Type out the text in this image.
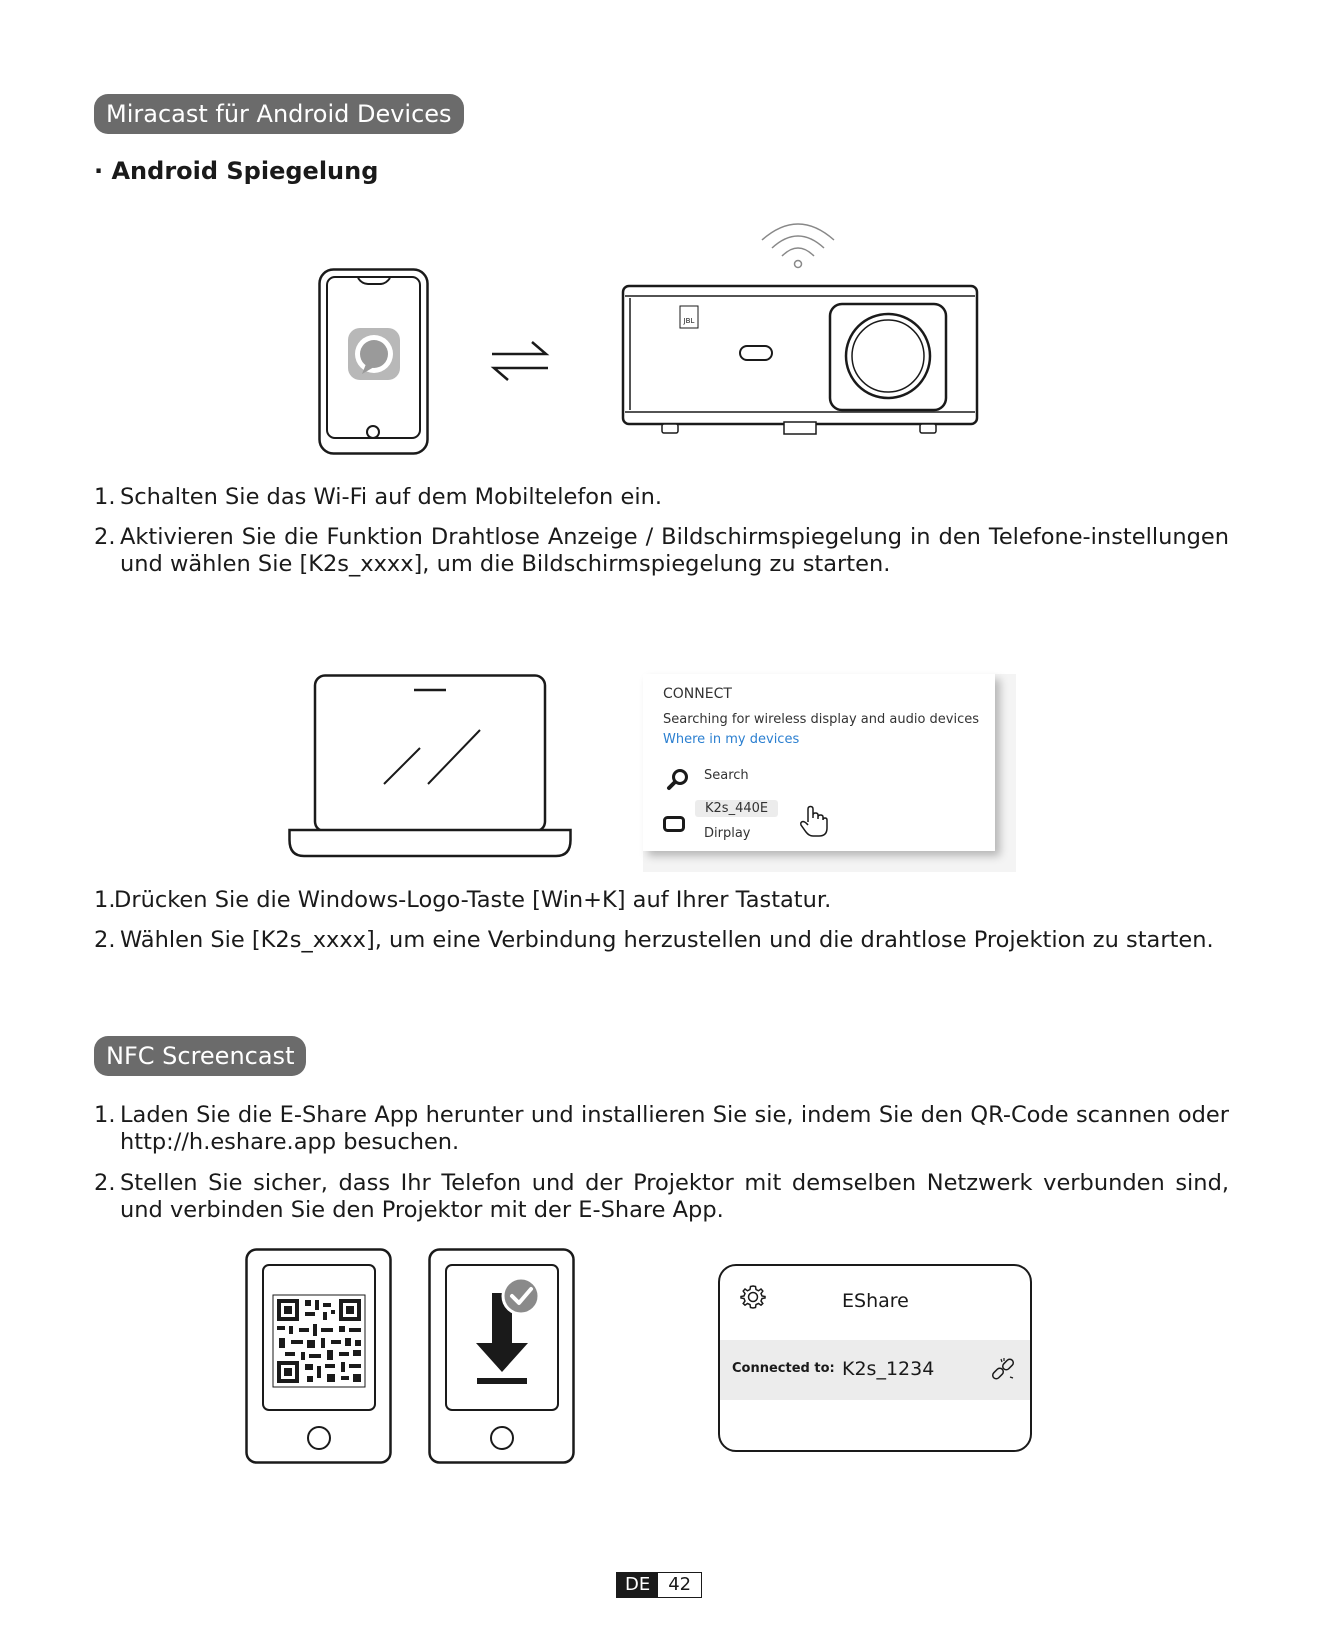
Miracast für Android Devices
· Android Spiegelung
JBL
1. Schalten Sie das Wi-Fi auf dem Mobiltelefon ein.
2. Aktivieren Sie die Funktion Drahtlose Anzeige / Bildschirmspiegelung in den Telefone-instellungen und wählen Sie [K2s_xxxx], um die Bildschirmspiegelung zu starten.
CONNECT
Searching for wireless display and audio devices
Where in my devices
Search
K2s_440E
Dirplay
1.
Drücken Sie die Windows-Logo-Taste [Win+K] auf Ihrer Tastatur.
2. Wählen Sie [K2s_xxxx], um eine Verbindung herzustellen und die drahtlose Projektion zu starten.
NFC Screencast
1. Laden Sie die E-Share App herunter und installieren Sie sie, indem Sie den QR-Code scannen oder http://h.eshare.app besuchen.
2. Stellen Sie sicher, dass Ihr Telefon und der Projektor mit demselben Netzwerk verbunden sind, und verbinden Sie den Projektor mit der E-Share App.
EShare
Connected to: K2s_1234
DE	42
